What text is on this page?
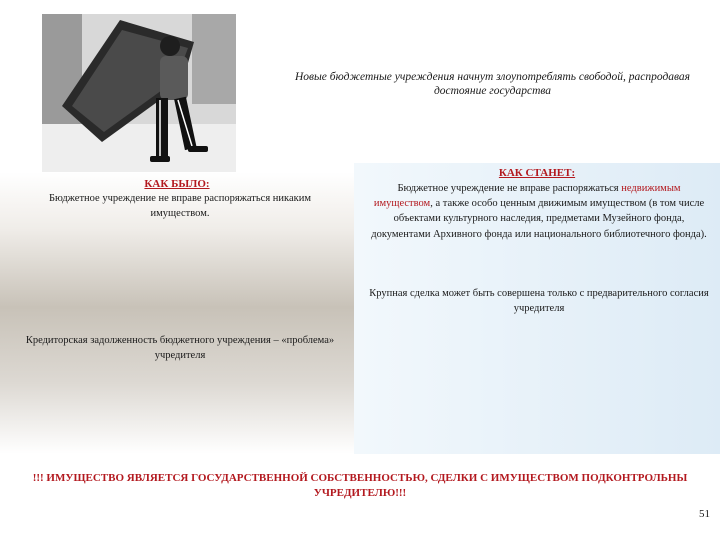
Новые бюджетные учреждения начнут злоупотреблять свободой, распродавая достояние государства
КАК БЫЛО:
Бюджетное учреждение не вправе распоряжаться никаким имуществом.
Кредиторская задолженность бюджетного учреждения – «проблема» учредителя
КАК СТАНЕТ:
Бюджетное учреждение не вправе распоряжаться недвижимым имуществом, а также особо ценным движимым имуществом (в том числе объектами культурного наследия, предметами Музейного фонда, документами Архивного фонда или национального библиотечного фонда).
Крупная сделка может быть совершена только с предварительного согласия учредителя
!!! ИМУЩЕСТВО ЯВЛЯЕТСЯ ГОСУДАРСТВЕННОЙ СОБСТВЕННОСТЬЮ, СДЕЛКИ С ИМУЩЕСТВОМ ПОДКОНТРОЛЬНЫ УЧРЕДИТЕЛЮ!!!
51
